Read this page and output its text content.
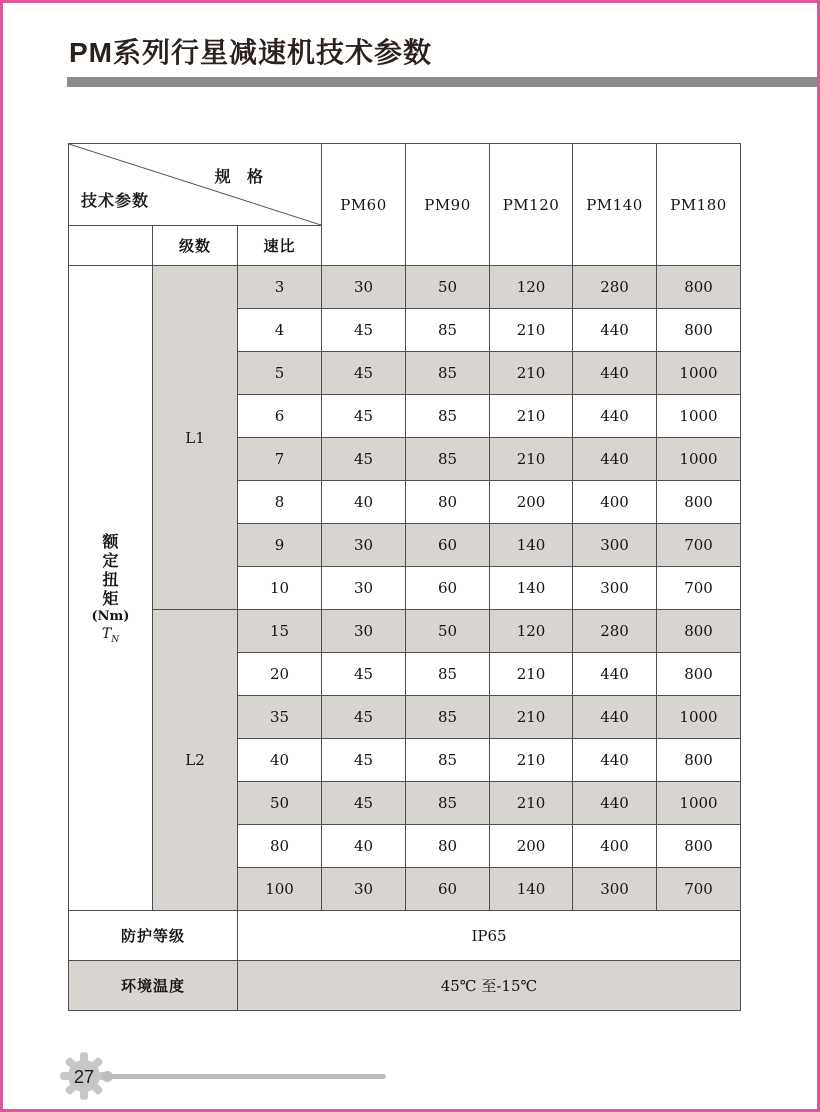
PM系列行星减速机技术参数
规 格
技术参数			PM60	PM90	PM120	PM140	PM180
	级数	速比					

额
定
扭
矩
(Nm)
$T_N$
	L1	3	30	50	120	280	800
		4	45	85	210	440	800
		5	45	85	210	440	1000
		6	45	85	210	440	1000
		7	45	85	210	440	1000
		8	40	80	200	400	800
		9	30	60	140	300	700
		10	30	60	140	300	700
	L2	15	30	50	120	280	800
		20	45	85	210	440	800
		35	45	85	210	440	1000
		40	45	85	210	440	800
		50	45	85	210	440	1000
		80	40	80	200	400	800
		100	30	60	140	300	700
防护等级		IP65					
环境温度		45℃ 至-15℃					
27
